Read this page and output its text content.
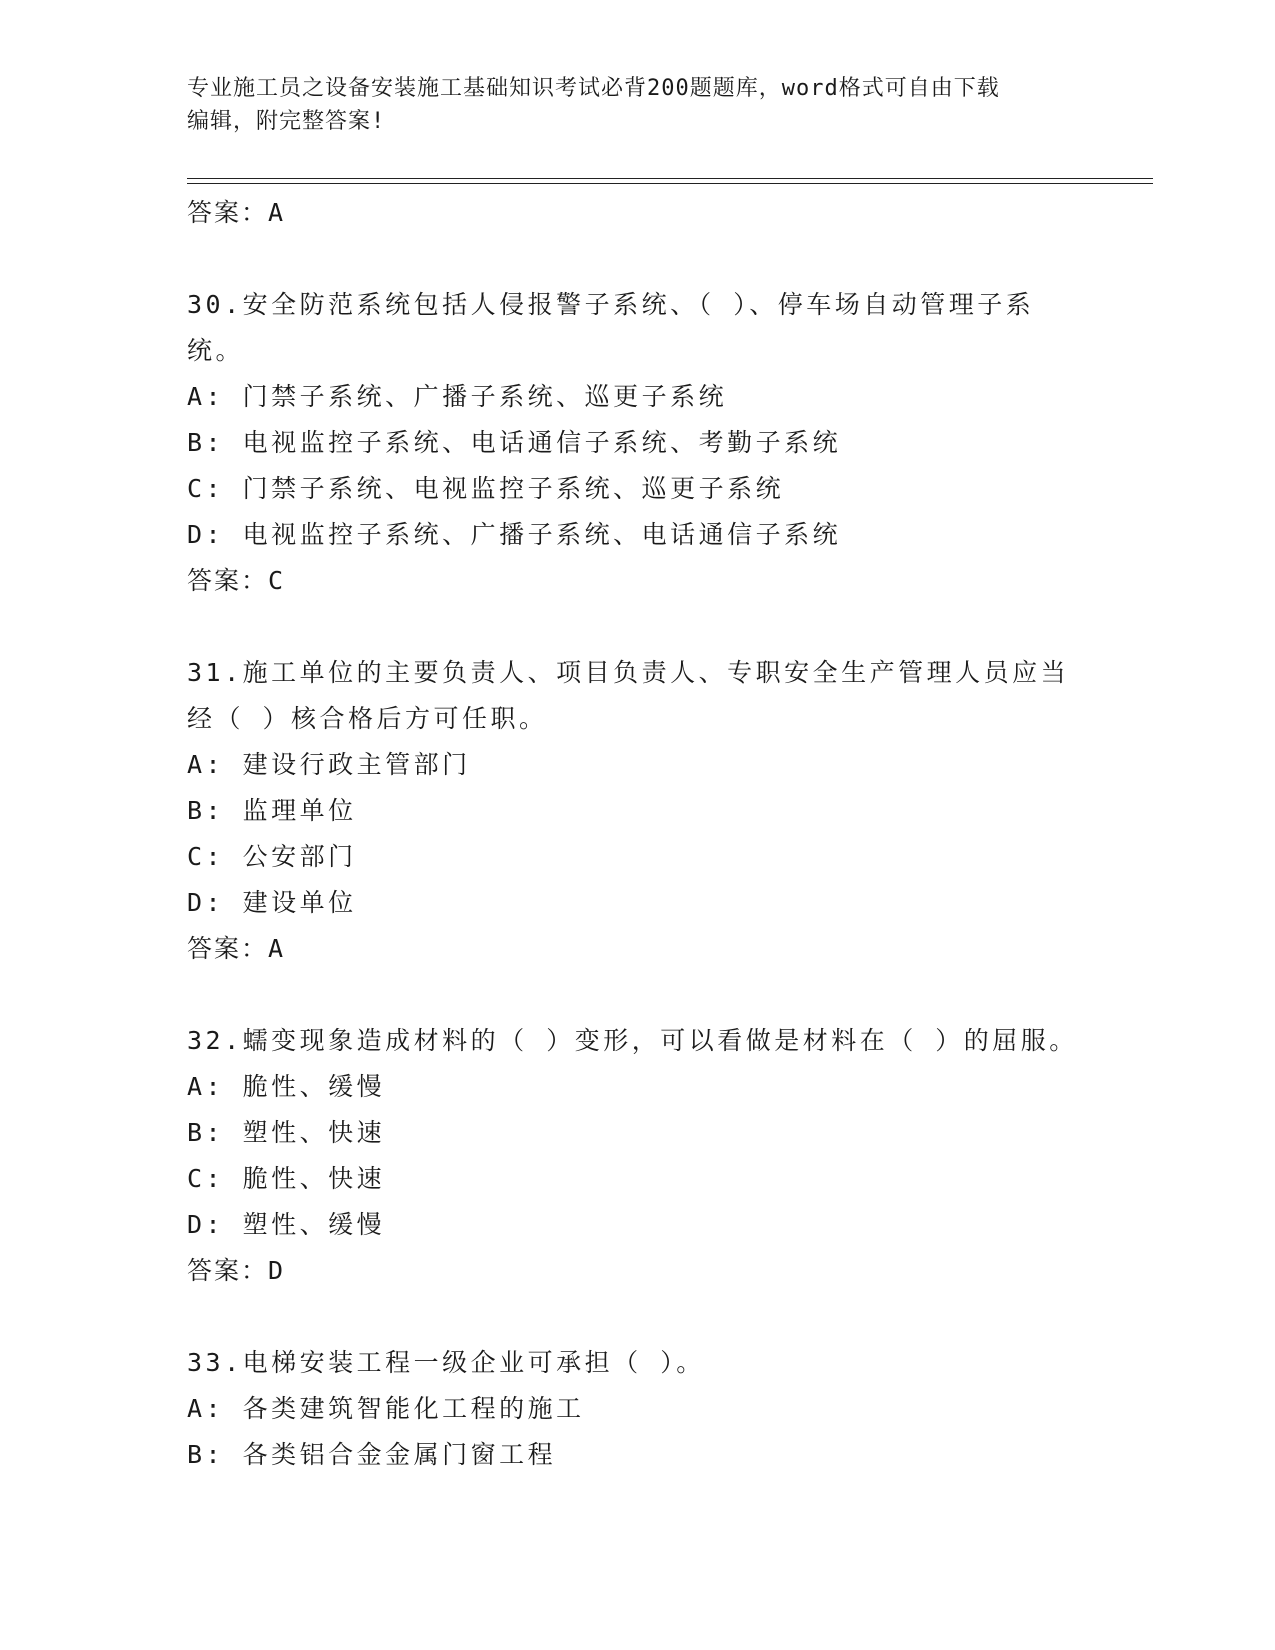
专业施工员之设备安装施工基础知识考试必背200题题库，word格式可自由下载
编辑，附完整答案!
答案：A
30.安全防范系统包括人侵报警子系统、（ ）、停车场自动管理子系
统。
A: 门禁子系统、广播子系统、巡更子系统
B: 电视监控子系统、电话通信子系统、考勤子系统
C: 门禁子系统、电视监控子系统、巡更子系统
D: 电视监控子系统、广播子系统、电话通信子系统
答案：C
31.施工单位的主要负责人、项目负责人、专职安全生产管理人员应当
经（ ）核合格后方可任职。
A: 建设行政主管部门
B: 监理单位
C: 公安部门
D: 建设单位
答案：A
32.蠕变现象造成材料的（ ）变形，可以看做是材料在（ ）的屈服。
A: 脆性、缓慢
B: 塑性、快速
C: 脆性、快速
D: 塑性、缓慢
答案：D
33.电梯安装工程一级企业可承担（ ）。
A: 各类建筑智能化工程的施工
B: 各类铝合金金属门窗工程
